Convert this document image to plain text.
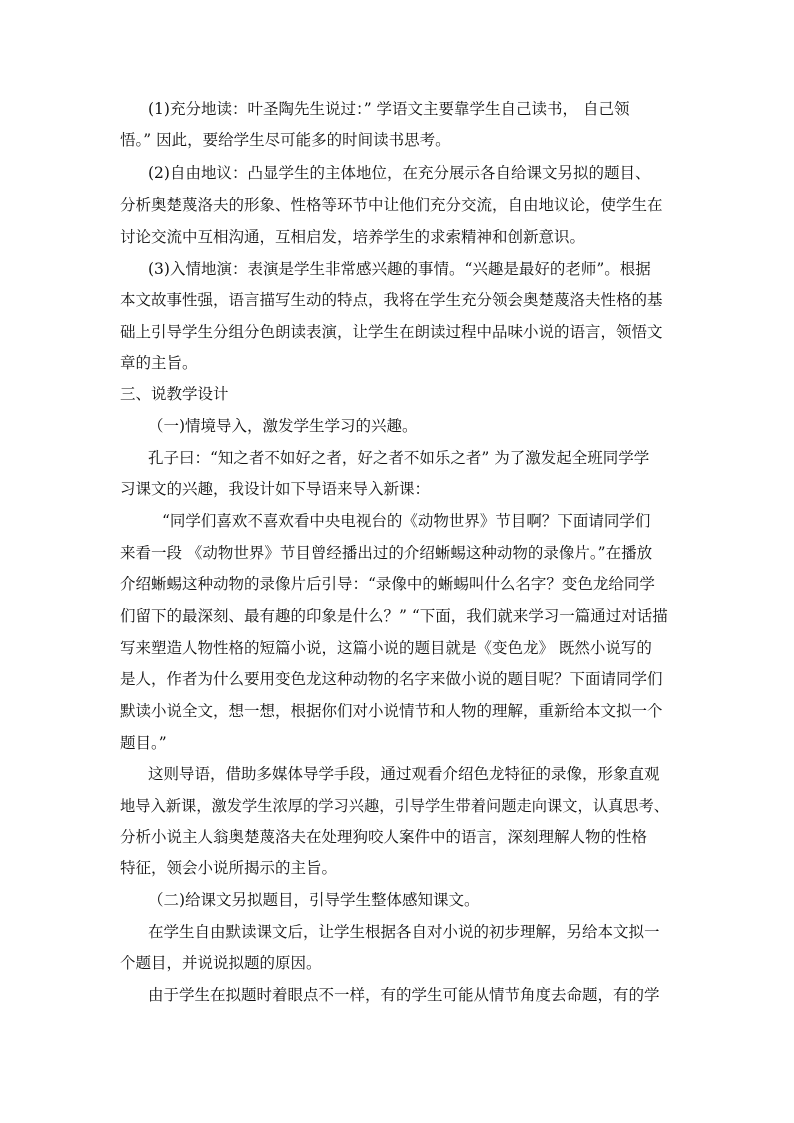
(1)充分地读：叶圣陶先生说过：” 学语文主要靠学生自己读书， 自己领
悟。” 因此，要给学生尽可能多的时间读书思考。
(2)自由地议：凸显学生的主体地位，在充分展示各自给课文另拟的题目、
分析奥楚蔑洛夫的形象、性格等环节中让他们充分交流，自由地议论，使学生在
讨论交流中互相沟通，互相启发，培养学生的求索精神和创新意识。
(3)入情地演：表演是学生非常感兴趣的事情。“兴趣是最好的老师”。根据
本文故事性强，语言描写生动的特点，我将在学生充分领会奥楚蔑洛夫性格的基
础上引导学生分组分色朗读表演，让学生在朗读过程中品味小说的语言，领悟文
章的主旨。
三、说教学设计
（一)情境导入，激发学生学习的兴趣。
孔子曰：“知之者不如好之者，好之者不如乐之者” 为了激发起全班同学学
习课文的兴趣，我设计如下导语来导入新课：
“同学们喜欢不喜欢看中央电视台的《动物世界》节目啊？下面请同学们
来看一段 《动物世界》节目曾经播出过的介绍蜥蜴这种动物的录像片。”在播放
介绍蜥蜴这种动物的录像片后引导：“录像中的蜥蜴叫什么名字？变色龙给同学
们留下的最深刻、最有趣的印象是什么？” “下面，我们就来学习一篇通过对话描
写来塑造人物性格的短篇小说，这篇小说的题目就是《变色龙》 既然小说写的
是人，作者为什么要用变色龙这种动物的名字来做小说的题目呢？下面请同学们
默读小说全文，想一想，根据你们对小说情节和人物的理解，重新给本文拟一个
题目。”
这则导语，借助多媒体导学手段，通过观看介绍色龙特征的录像，形象直观
地导入新课，激发学生浓厚的学习兴趣，引导学生带着问题走向课文，认真思考、
分析小说主人翁奥楚蔑洛夫在处理狗咬人案件中的语言，深刻理解人物的性格
特征，领会小说所揭示的主旨。
（二)给课文另拟题目，引导学生整体感知课文。
在学生自由默读课文后，让学生根据各自对小说的初步理解，另给本文拟一
个题目，并说说拟题的原因。
由于学生在拟题时着眼点不一样，有的学生可能从情节角度去命题，有的学
